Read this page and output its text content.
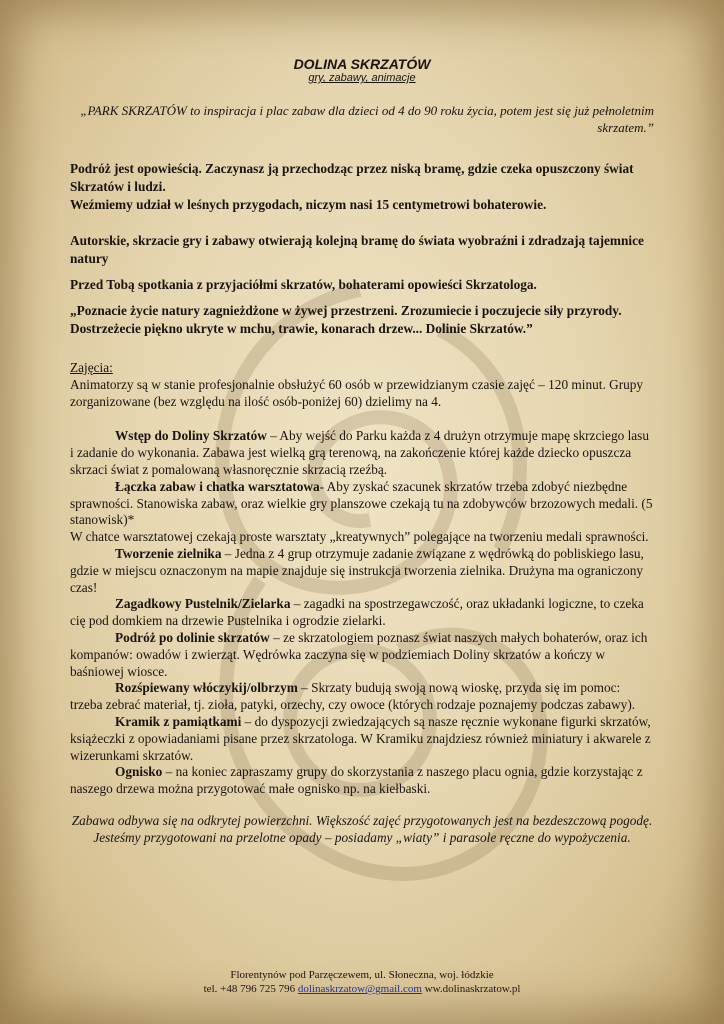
DOLINA SKRZATÓW

gry, zabawy, animacje

„PARK SKRZATÓW to inspiracja i plac zabaw dla dzieci od 4 do 90 roku życia, potem jest się już pełnoletnim skrzatem.”

Podróż jest opowieścią. Zaczynasz ją przechodząc przez niską bramę, gdzie czeka opuszczony świat Skrzatów i ludzi.

Weźmiemy udział w leśnych przygodach, niczym nasi 15 centymetrowi bohaterowie.

Autorskie, skrzacie gry i zabawy otwierają kolejną bramę do świata wyobraźni i zdradzają tajemnice natury

Przed Tobą spotkania z przyjaciółmi skrzatów, bohaterami opowieści Skrzatologa.

„Poznacie życie natury zagnieżdżone w żywej przestrzeni. Zrozumiecie i poczujecie siły przyrody. Dostrzeżecie piękno ukryte w mchu, trawie, konarach drzew... Dolinie Skrzatów.”

Zajęcia:

Animatorzy są w stanie profesjonalnie obsłużyć 60 osób w przewidzianym czasie zajęć – 120 minut. Grupy zorganizowane (bez względu na ilość osób-poniżej 60) dzielimy na 4.

Wstęp do Doliny Skrzatów – Aby wejść do Parku każda z 4 drużyn otrzymuje mapę skrzciego lasu i zadanie do wykonania. Zabawa jest wielką grą terenową, na zakończenie której każde dziecko opuszcza skrzaci świat z pomalowaną własnoręcznie skrzacią rzeźbą.

Łączka zabaw i chatka warsztatowa- Aby zyskać szacunek skrzatów trzeba zdobyć niezbędne sprawności. Stanowiska zabaw, oraz wielkie gry planszowe czekają tu na zdobywców brzozowych medali. (5 stanowisk)*

W chatce warsztatowej czekają proste warsztaty „kreatywnych” polegające na tworzeniu medali sprawności.

Tworzenie zielnika – Jedna z 4 grup otrzymuje zadanie związane z wędrówką do pobliskiego lasu, gdzie w miejscu oznaczonym na mapie znajduje się instrukcja tworzenia zielnika. Drużyna ma ograniczony czas!

Zagadkowy Pustelnik/Zielarka – zagadki na spostrzegawczość, oraz układanki logiczne, to czeka cię pod domkiem na drzewie Pustelnika i ogrodzie zielarki.

Podróż po dolinie skrzatów – ze skrzatologiem poznasz świat naszych małych bohaterów, oraz ich kompanów: owadów i zwierząt. Wędrówka zaczyna się w podziemiach Doliny skrzatów a kończy w baśniowej wiosce.

Rozśpiewany włóczykij/olbrzym – Skrzaty budują swoją nową wioskę, przyda się im pomoc: trzeba zebrać materiał, tj. zioła, patyki, orzechy, czy owoce (których rodzaje poznajemy podczas zabawy).

Kramik z pamiątkami – do dyspozycji zwiedzających są nasze ręcznie wykonane figurki skrzatów, książeczki z opowiadaniami pisane przez skrzatologa. W Kramiku znajdziesz również miniatury i akwarele z wizerunkami skrzatów.

Ognisko – na koniec zapraszamy grupy do skorzystania z naszego placu ognia, gdzie korzystając z naszego drzewa można przygotować małe ognisko np. na kiełbaski.

Zabawa odbywa się na odkrytej powierzchni. Większość zajęć przygotowanych jest na bezdeszczową pogodę. Jesteśmy przygotowani na przelotne opady – posiadamy „wiaty” i parasole ręczne do wypożyczenia.

Florentynów pod Parzęczewem, ul. Słoneczna, woj. łódzkie
tel. +48 796 725 796 dolinaskrzatow@gmail.com ww.dolinaskrzatow.pl
